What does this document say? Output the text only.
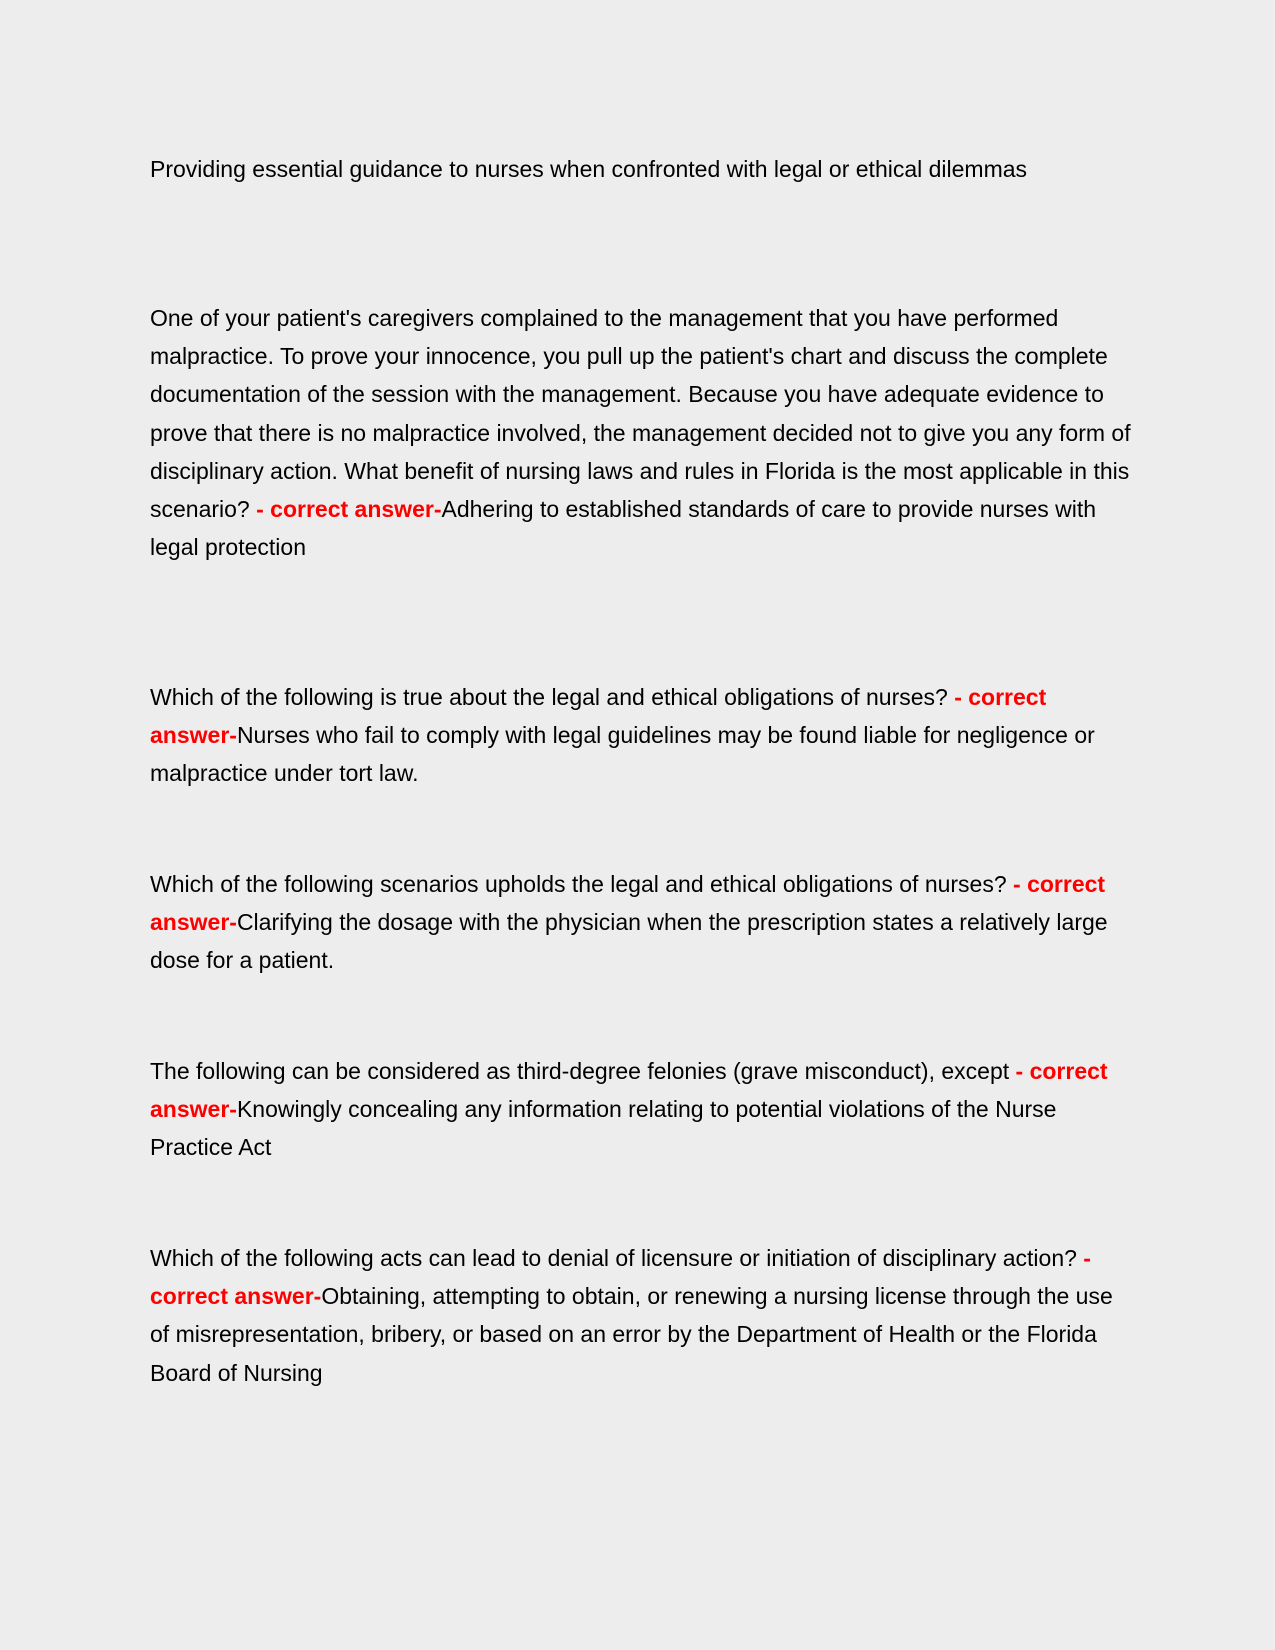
Providing essential guidance to nurses when confronted with legal or ethical dilemmas

One of your patient's caregivers complained to the management that you have performed malpractice. To prove your innocence, you pull up the patient's chart and discuss the complete documentation of the session with the management. Because you have adequate evidence to prove that there is no malpractice involved, the management decided not to give you any form of disciplinary action. What benefit of nursing laws and rules in Florida is the most applicable in this scenario? - correct answer-Adhering to established standards of care to provide nurses with legal protection

Which of the following is true about the legal and ethical obligations of nurses? - correct answer-Nurses who fail to comply with legal guidelines may be found liable for negligence or malpractice under tort law.

Which of the following scenarios upholds the legal and ethical obligations of nurses? - correct answer-Clarifying the dosage with the physician when the prescription states a relatively large dose for a patient.

The following can be considered as third-degree felonies (grave misconduct), except - correct answer-Knowingly concealing any information relating to potential violations of the Nurse Practice Act

Which of the following acts can lead to denial of licensure or initiation of disciplinary action? - correct answer-Obtaining, attempting to obtain, or renewing a nursing license through the use of misrepresentation, bribery, or based on an error by the Department of Health or the Florida Board of Nursing
